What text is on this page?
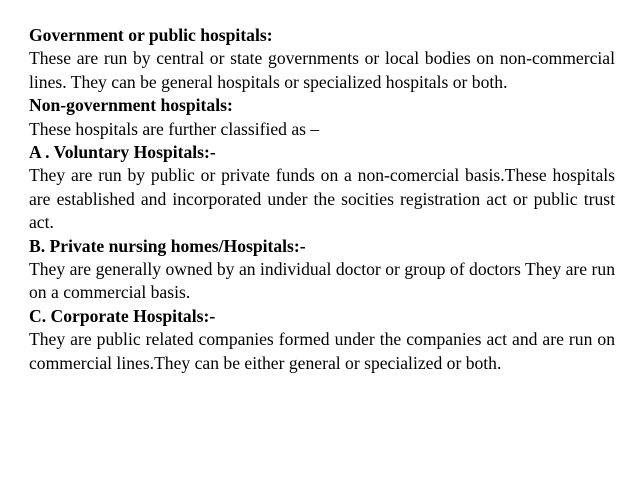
Government or public hospitals:

These are run by central or state governments or local bodies on non-commercial lines. They can be general hospitals or specialized hospitals or both.

Non-government hospitals:

These hospitals are further classified as –

A . Voluntary Hospitals:-

They are run by public or private funds on a non-comercial basis.These hospitals are established and incorporated under the socities registration act or public trust act.

B. Private nursing homes/Hospitals:-

They are generally owned by an individual doctor or group of doctors They are run on a commercial basis.

C. Corporate Hospitals:-

They are public related companies formed under the companies act and are run on commercial lines.They can be either general or specialized or both.
